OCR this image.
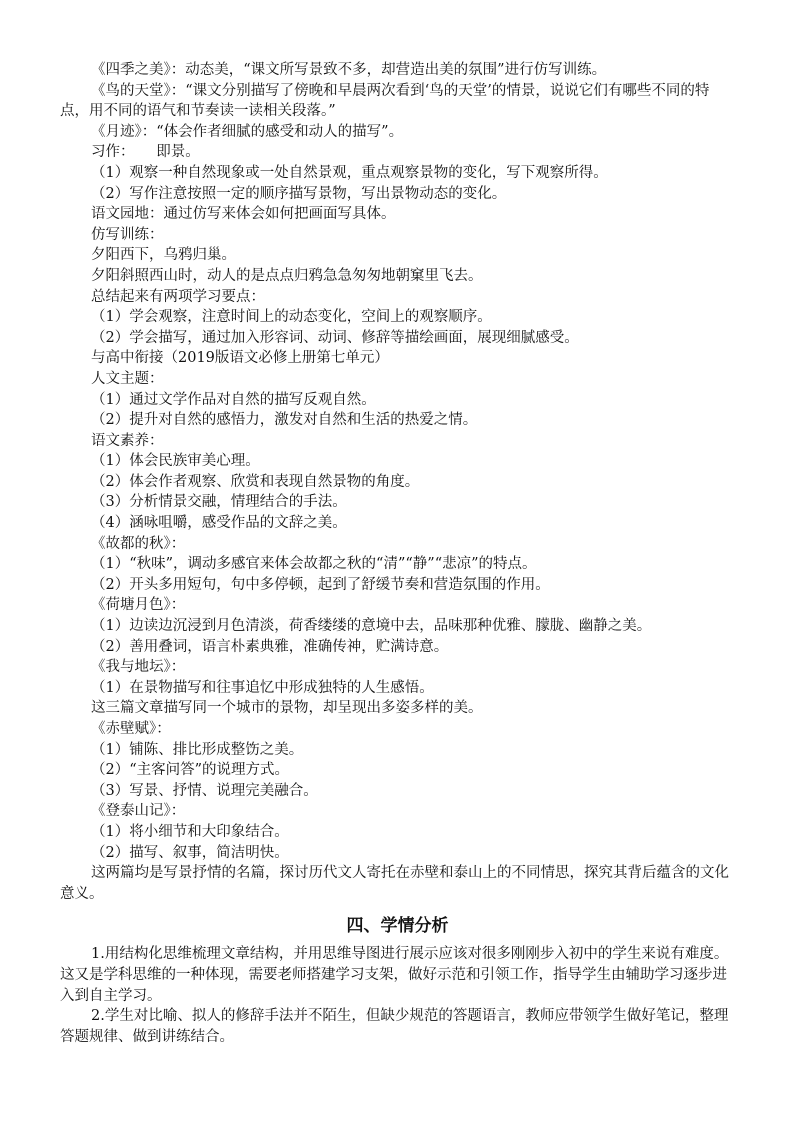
《四季之美》：动态美，“课文所写景致不多，却营造出美的氛围”进行仿写训练。

《鸟的天堂》：“课文分别描写了傍晚和早晨两次看到‘鸟的天堂’的情景，说说它们有哪些不同的特点，用不同的语气和节奏读一读相关段落。”

《月迹》：“体会作者细腻的感受和动人的描写”。

习作：　　即景。

（1）观察一种自然现象或一处自然景观，重点观察景物的变化，写下观察所得。

（2）写作注意按照一定的顺序描写景物，写出景物动态的变化。

语文园地：通过仿写来体会如何把画面写具体。

仿写训练：

夕阳西下，乌鸦归巢。

夕阳斜照西山时，动人的是点点归鸦急急匆匆地朝窠里飞去。

总结起来有两项学习要点：

（1）学会观察，注意时间上的动态变化，空间上的观察顺序。

（2）学会描写，通过加入形容词、动词、修辞等描绘画面，展现细腻感受。

与高中衔接（2019版语文必修上册第七单元）

人文主题：

（1）通过文学作品对自然的描写反观自然。

（2）提升对自然的感悟力，激发对自然和生活的热爱之情。

语文素养：

（1）体会民族审美心理。

（2）体会作者观察、欣赏和表现自然景物的角度。

（3）分析情景交融，情理结合的手法。

（4）涵咏咀嚼，感受作品的文辞之美。

《故都的秋》：

（1）“秋味”，调动多感官来体会故都之秋的“清”“静”“悲凉”的特点。

（2）开头多用短句，句中多停顿，起到了舒缓节奏和营造氛围的作用。

《荷塘月色》：

（1）边读边沉浸到月色清淡，荷香缕缕的意境中去，品味那种优雅、朦胧、幽静之美。

（2）善用叠词，语言朴素典雅，准确传神，贮满诗意。

《我与地坛》：

（1）在景物描写和往事追忆中形成独特的人生感悟。

这三篇文章描写同一个城市的景物，却呈现出多姿多样的美。

《赤壁赋》：

（1）铺陈、排比形成整饬之美。

（2）“主客问答”的说理方式。

（3）写景、抒情、说理完美融合。

《登泰山记》：

（1）将小细节和大印象结合。

（2）描写、叙事，简洁明快。

这两篇均是写景抒情的名篇，探讨历代文人寄托在赤壁和泰山上的不同情思，探究其背后蕴含的文化意义。

四、学情分析

1.用结构化思维梳理文章结构，并用思维导图进行展示应该对很多刚刚步入初中的学生来说有难度。这又是学科思维的一种体现，需要老师搭建学习支架，做好示范和引领工作，指导学生由辅助学习逐步进入到自主学习。

2.学生对比喻、拟人的修辞手法并不陌生，但缺少规范的答题语言，教师应带领学生做好笔记，整理答题规律、做到讲练结合。
